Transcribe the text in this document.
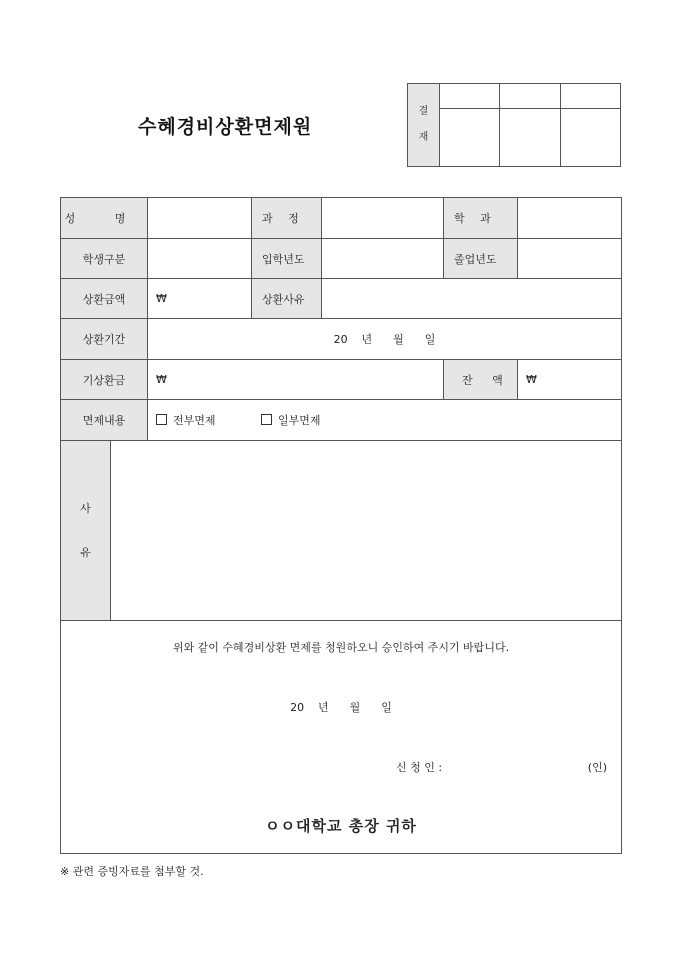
수혜경비상환면제원
결
재			

성 명			과 정		학 과	
학생구분			입학년도		졸업년도	
상환금액		₩	상환사유			
상환기간		20    년      월      일				
기상환금		₩			잔 액	₩
면제내용		전부면제 일부면제				

사
유						

위와 같이 수혜경비상환 면제를 청원하오니 승인하여 주시기 바랍니다.
20    년      월      일
신 청 인 : (인)
ㅇㅇ대학교 총장 귀하						
※ 관련 증빙자료를 첨부할 것.
